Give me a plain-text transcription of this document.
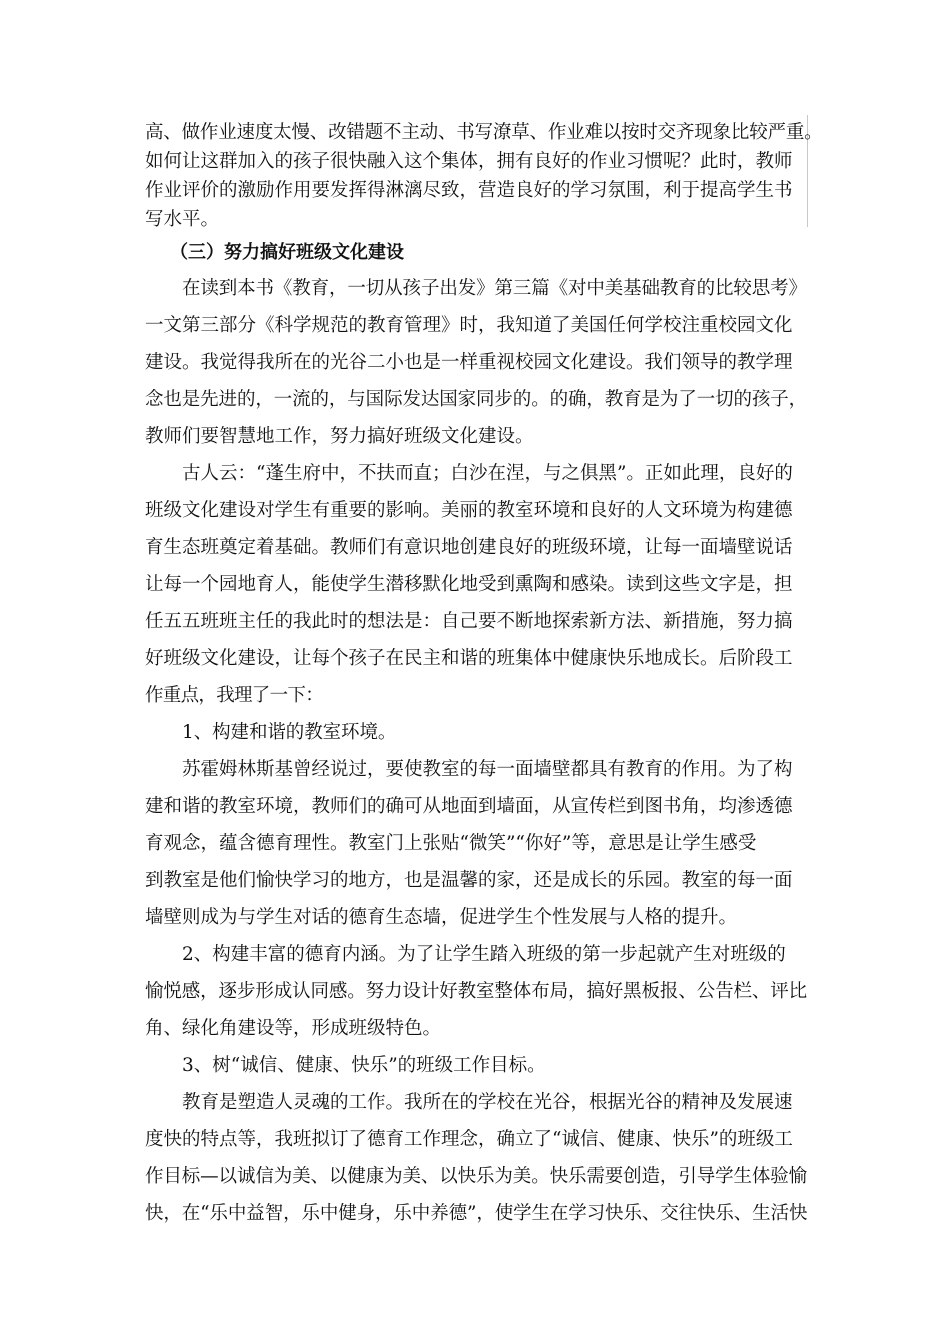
高、做作业速度太慢、改错题不主动、书写潦草、作业难以按时交齐现象比较严重。
如何让这群加入的孩子很快融入这个集体，拥有良好的作业习惯呢？此时，教师
作业评价的激励作用要发挥得淋漓尽致，营造良好的学习氛围，利于提高学生书
写水平。
（三）努力搞好班级文化建设
在读到本书《教育，一切从孩子出发》第三篇《对中美基础教育的比较思考》
一文第三部分《科学规范的教育管理》时，我知道了美国任何学校注重校园文化
建设。我觉得我所在的光谷二小也是一样重视校园文化建设。我们领导的教学理
念也是先进的，一流的，与国际发达国家同步的。的确，教育是为了一切的孩子，
教师们要智慧地工作，努力搞好班级文化建设。
古人云：“蓬生府中，不扶而直；白沙在涅，与之俱黑”。正如此理，良好的
班级文化建设对学生有重要的影响。美丽的教室环境和良好的人文环境为构建德
育生态班奠定着基础。教师们有意识地创建良好的班级环境，让每一面墙壁说话
让每一个园地育人，能使学生潜移默化地受到熏陶和感染。读到这些文字是，担
任五五班班主任的我此时的想法是：自己要不断地探索新方法、新措施，努力搞
好班级文化建设，让每个孩子在民主和谐的班集体中健康快乐地成长。后阶段工
作重点，我理了一下：
1、构建和谐的教室环境。
苏霍姆林斯基曾经说过，要使教室的每一面墙壁都具有教育的作用。为了构
建和谐的教室环境，教师们的确可从地面到墙面，从宣传栏到图书角，均渗透德
育观念，蕴含德育理性。教室门上张贴“微笑”“你好”等，意思是让学生感受
到教室是他们愉快学习的地方，也是温馨的家，还是成长的乐园。教室的每一面
墙壁则成为与学生对话的德育生态墙，促进学生个性发展与人格的提升。
2、构建丰富的德育内涵。为了让学生踏入班级的第一步起就产生对班级的
愉悦感，逐步形成认同感。努力设计好教室整体布局，搞好黑板报、公告栏、评比
角、绿化角建设等，形成班级特色。
3、树“诚信、健康、快乐”的班级工作目标。
教育是塑造人灵魂的工作。我所在的学校在光谷，根据光谷的精神及发展速
度快的特点等，我班拟订了德育工作理念，确立了“诚信、健康、快乐”的班级工
作目标—以诚信为美、以健康为美、以快乐为美。快乐需要创造，引导学生体验愉
快，在“乐中益智，乐中健身，乐中养德”，使学生在学习快乐、交往快乐、生活快
